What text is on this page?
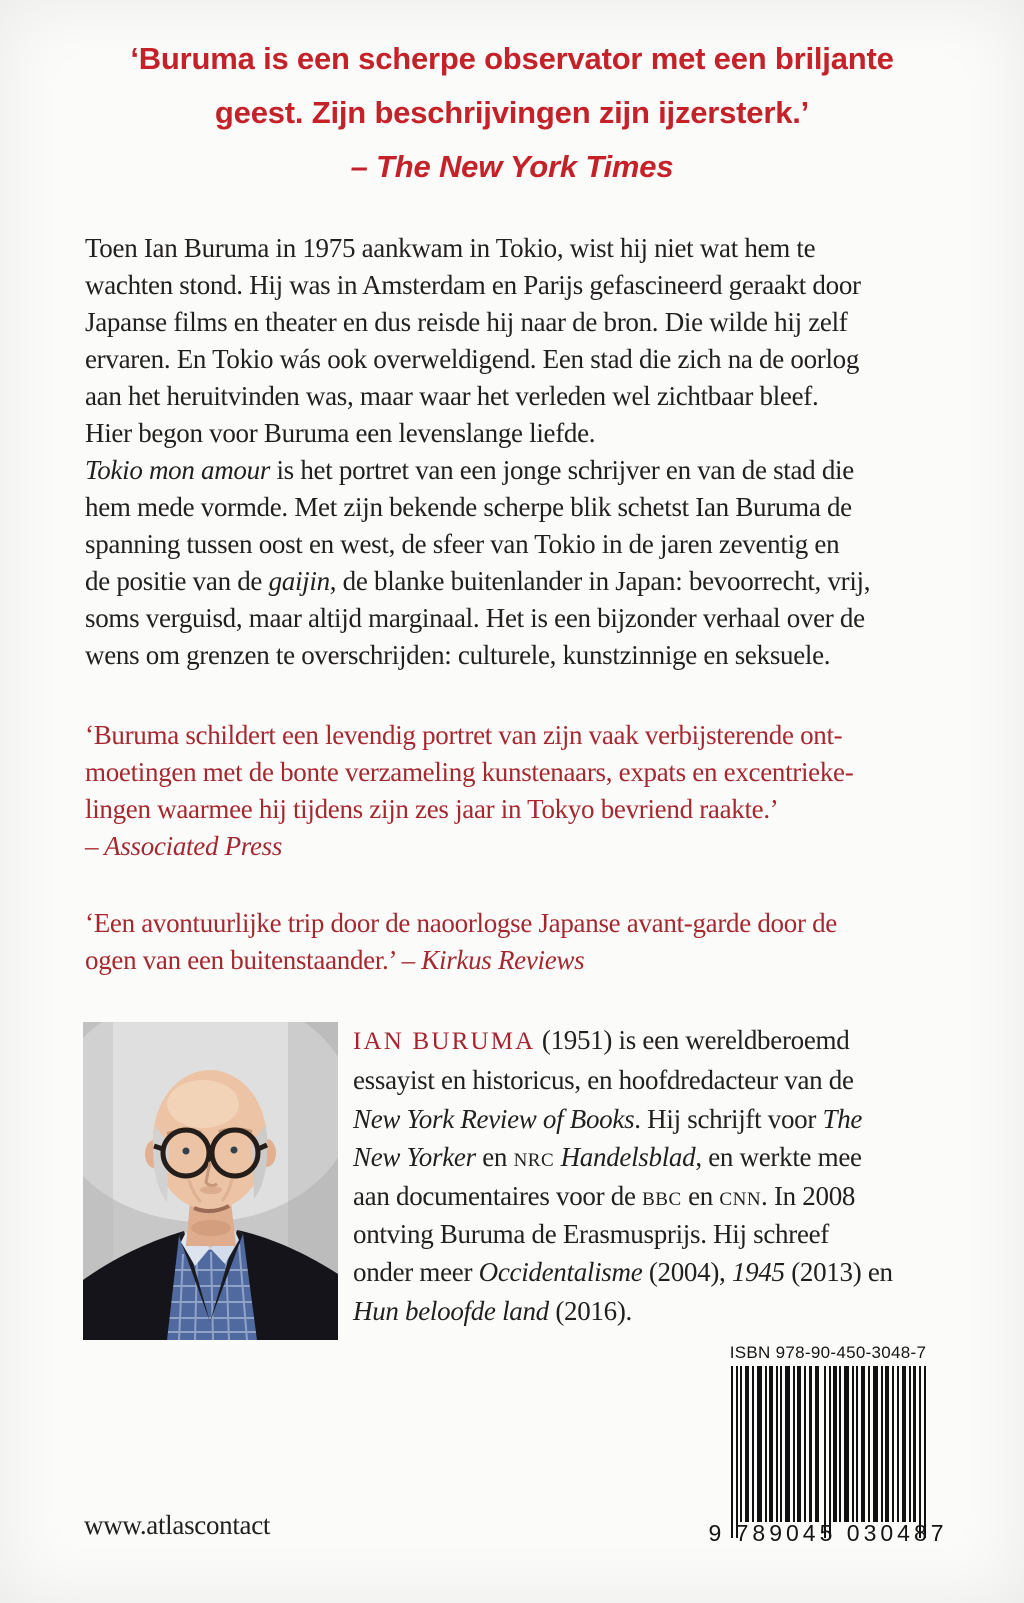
‘Buruma is een scherpe observator met een briljante
geest. Zijn beschrijvingen zijn ijzersterk.’
– The New York Times
Toen Ian Buruma in 1975 aankwam in Tokio, wist hij niet wat hem te
wachten stond. Hij was in Amsterdam en Parijs gefascineerd geraakt door
Japanse films en theater en dus reisde hij naar de bron. Die wilde hij zelf
ervaren. En Tokio wás ook overweldigend. Een stad die zich na de oorlog
aan het heruitvinden was, maar waar het verleden wel zichtbaar bleef.
Hier begon voor Buruma een levenslange liefde.
Tokio mon amour is het portret van een jonge schrijver en van de stad die
hem mede vormde. Met zijn bekende scherpe blik schetst Ian Buruma de
spanning tussen oost en west, de sfeer van Tokio in de jaren zeventig en
de positie van de gaijin, de blanke buitenlander in Japan: bevoorrecht, vrij,
soms verguisd, maar altijd marginaal. Het is een bijzonder verhaal over de
wens om grenzen te overschrijden: culturele, kunstzinnige en seksuele.
‘Buruma schildert een levendig portret van zijn vaak verbijsterende ont-
moetingen met de bonte verzameling kunstenaars, expats en excentrieke-
lingen waarmee hij tijdens zijn zes jaar in Tokyo bevriend raakte.’
– Associated Press
‘Een avontuurlijke trip door de naoorlogse Japanse avant-garde door de
ogen van een buitenstaander.’ – Kirkus Reviews
IAN BURUMA (1951) is een wereldberoemd
essayist en historicus, en hoofdredacteur van de
New York Review of Books. Hij schrijft voor The
New Yorker en nrc Handelsblad, en werkte mee
aan documentaires voor de bbc en cnn. In 2008
ontving Buruma de Erasmusprijs. Hij schreef
onder meer Occidentalisme (2004), 1945 (2013) en
Hun beloofde land (2016).
ISBN 978-90-450-3048-7
9 789045 030487
www.atlascontact
